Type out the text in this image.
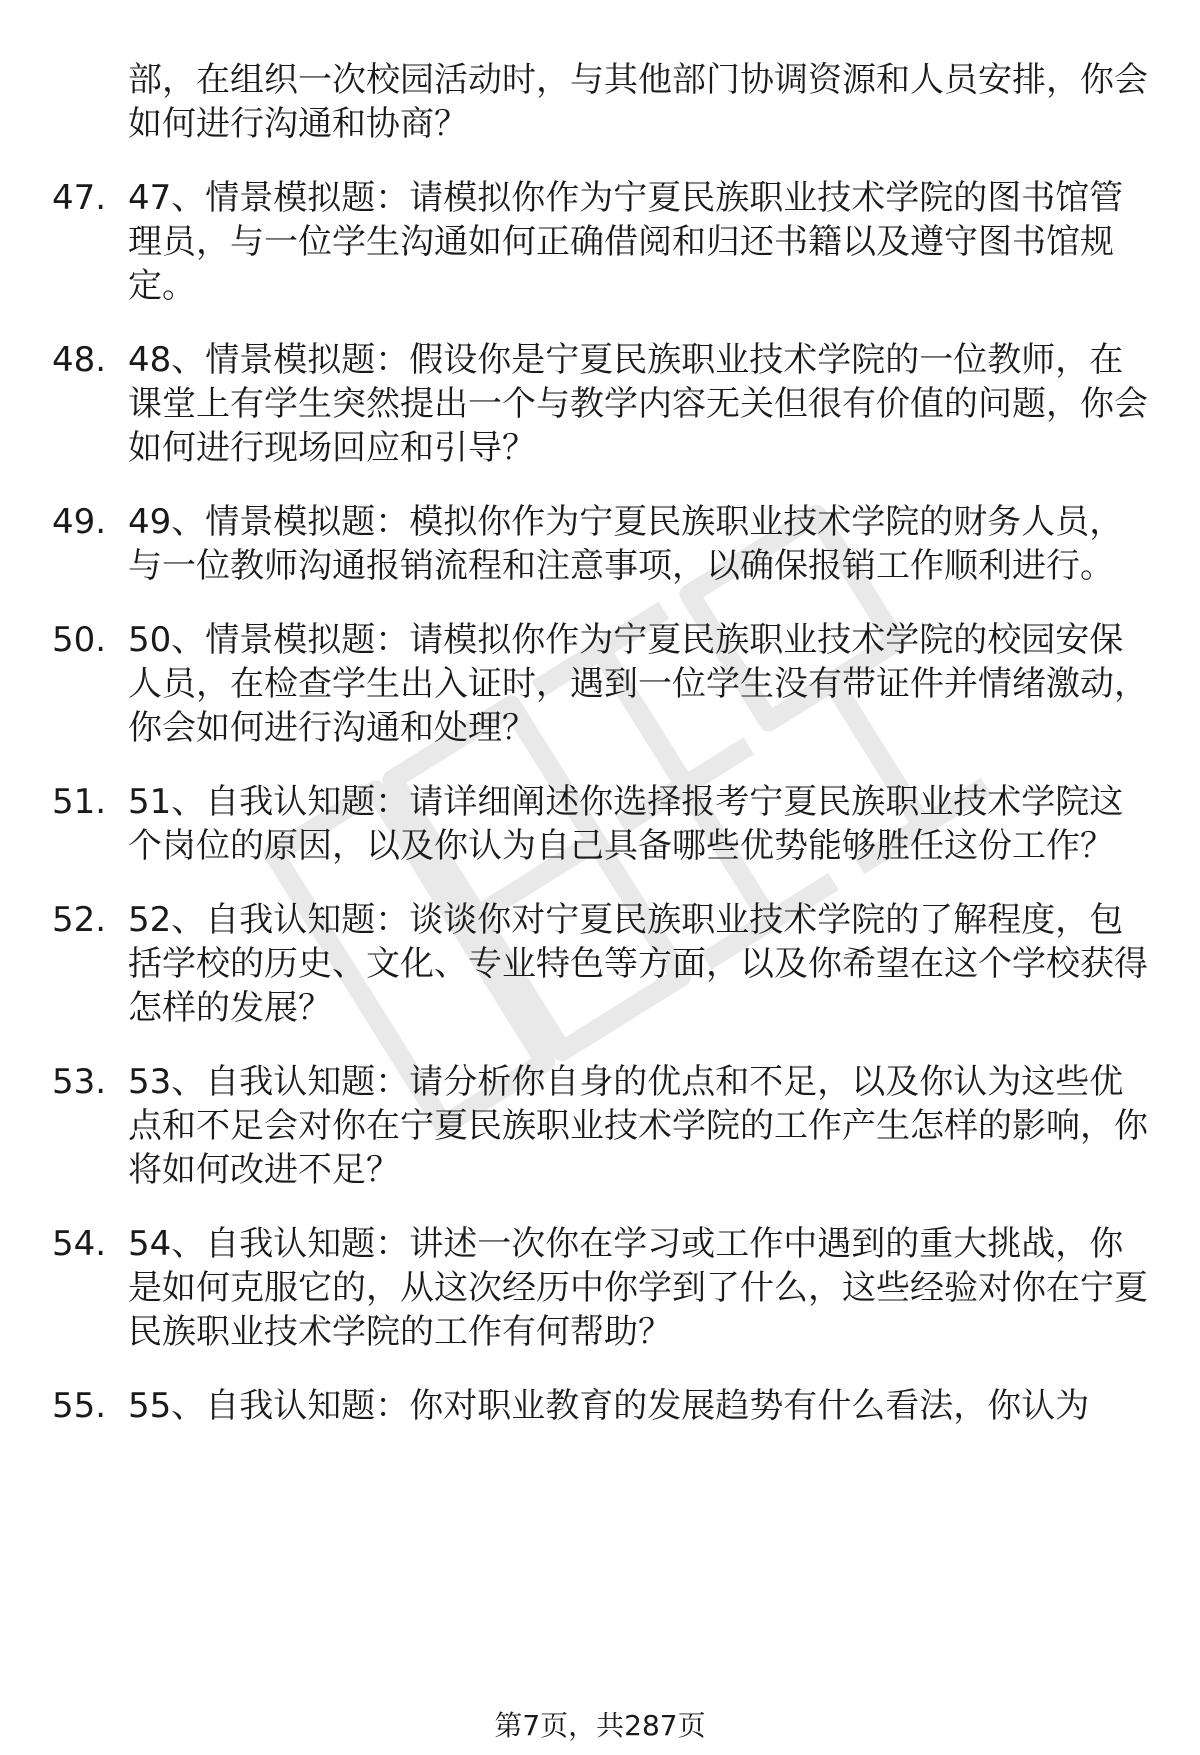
部，在组织一次校园活动时，与其他部门协调资源和人员安排，你会如何进行沟通和协商？
47. 47、情景模拟题：请模拟你作为宁夏民族职业技术学院的图书馆管理员，与一位学生沟通如何正确借阅和归还书籍以及遵守图书馆规定。
48. 48、情景模拟题：假设你是宁夏民族职业技术学院的一位教师，在课堂上有学生突然提出一个与教学内容无关但很有价值的问题，你会如何进行现场回应和引导？
49. 49、情景模拟题：模拟你作为宁夏民族职业技术学院的财务人员，与一位教师沟通报销流程和注意事项，以确保报销工作顺利进行。
50. 50、情景模拟题：请模拟你作为宁夏民族职业技术学院的校园安保人员，在检查学生出入证时，遇到一位学生没有带证件并情绪激动，你会如何进行沟通和处理？
51. 51、自我认知题：请详细阐述你选择报考宁夏民族职业技术学院这个岗位的原因，以及你认为自己具备哪些优势能够胜任这份工作？
52. 52、自我认知题：谈谈你对宁夏民族职业技术学院的了解程度，包括学校的历史、文化、专业特色等方面，以及你希望在这个学校获得怎样的发展？
53. 53、自我认知题：请分析你自身的优点和不足，以及你认为这些优点和不足会对你在宁夏民族职业技术学院的工作产生怎样的影响，你将如何改进不足？
54. 54、自我认知题：讲述一次你在学习或工作中遇到的重大挑战，你是如何克服它的，从这次经历中你学到了什么，这些经验对你在宁夏民族职业技术学院的工作有何帮助？
55. 55、自我认知题：你对职业教育的发展趋势有什么看法，你认为
第7页，共287页
